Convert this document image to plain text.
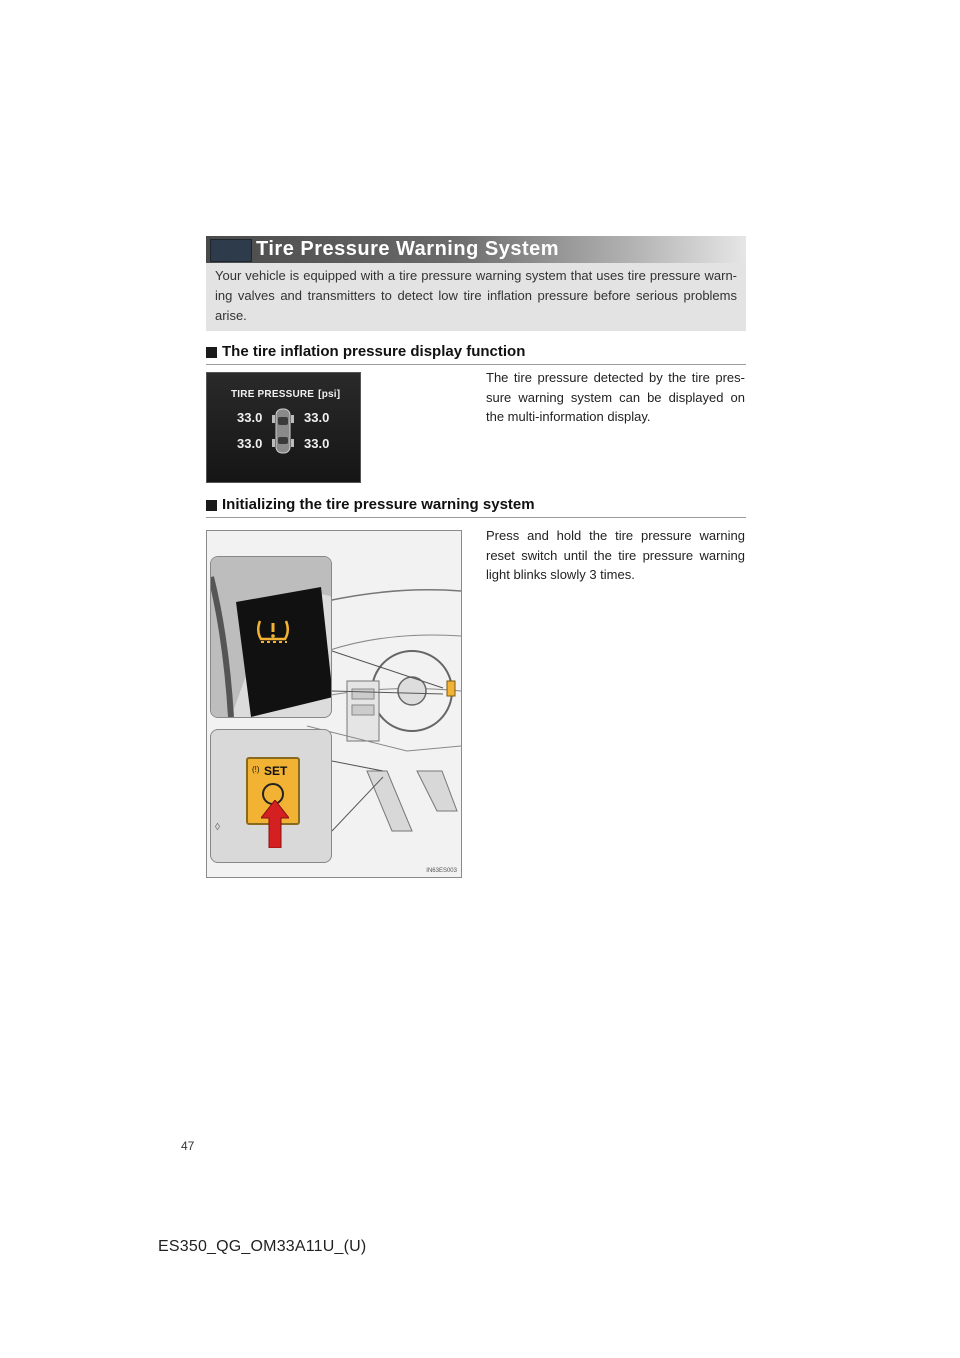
Tire Pressure Warning System
Your vehicle is equipped with a tire pressure warning system that uses tire pressure warn-ing valves and transmitters to detect low tire inflation pressure before serious problems arise.
The tire inflation pressure display function
TIRE PRESSURE [psi]
33.0	33.0
33.0	33.0
The tire pressure detected by the tire pres-sure warning system can be displayed on the multi-information display.
Initializing the tire pressure warning system
(!) SET
◊
IN63ES003
Press and hold the tire pressure warning reset switch until the tire pressure warning light blinks slowly 3 times.
47
ES350_QG_OM33A11U_(U)
